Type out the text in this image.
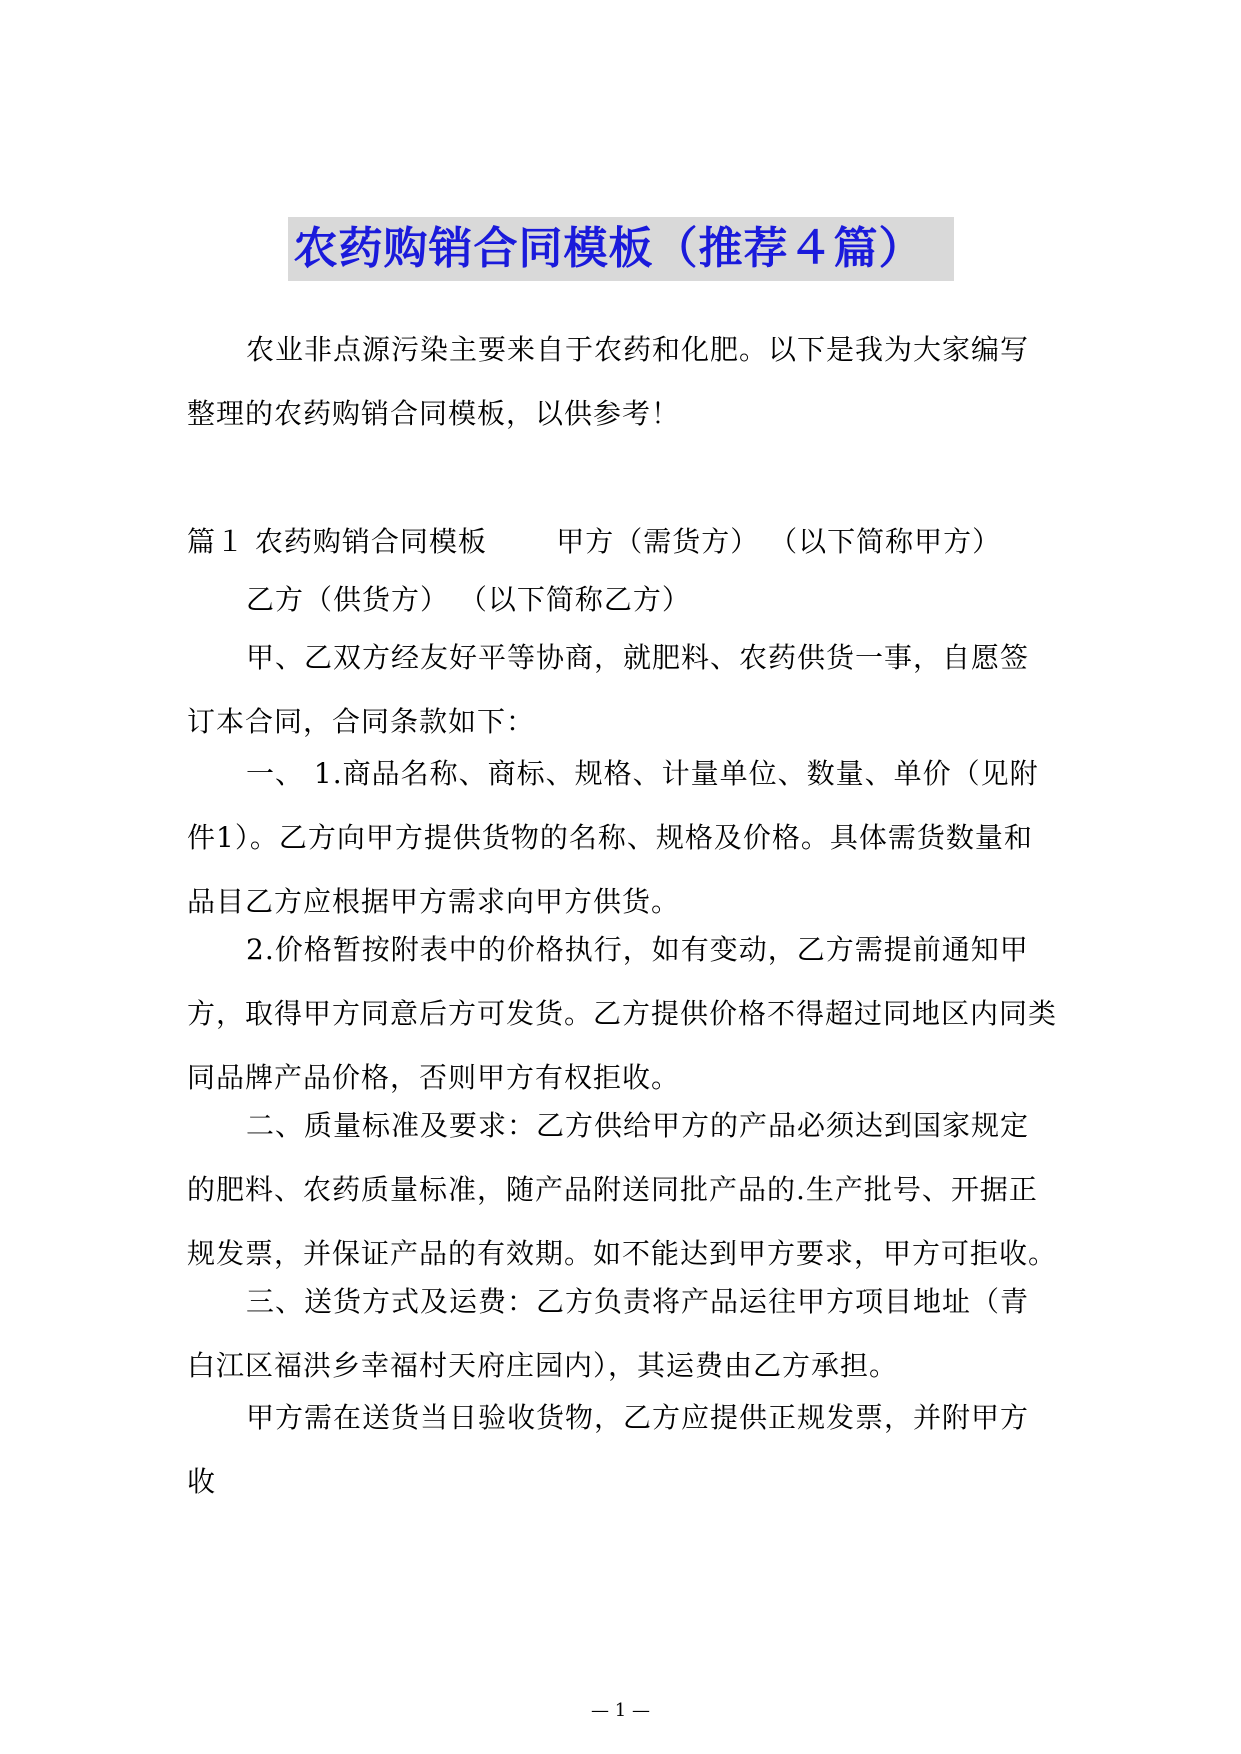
农药购销合同模板（推荐４篇）

农业非点源污染主要来自于农药和化肥。以下是我为大家编写整理的农药购销合同模板，以供参考！

篇１ 农药购销合同模板 甲方（需货方） （以下简称甲方）

乙方（供货方） （以下简称乙方）

甲、乙双方经友好平等协商，就肥料、农药供货一事，自愿签订本合同，合同条款如下：

一、 1.商品名称、商标、规格、计量单位、数量、单价（见附件1）。乙方向甲方提供货物的名称、规格及价格。具体需货数量和品目乙方应根据甲方需求向甲方供货。

2.价格暂按附表中的价格执行，如有变动，乙方需提前通知甲方，取得甲方同意后方可发货。乙方提供价格不得超过同地区内同类同品牌产品价格，否则甲方有权拒收。

二、质量标准及要求：乙方供给甲方的产品必须达到国家规定的肥料、农药质量标准，随产品附送同批产品的.生产批号、开据正规发票，并保证产品的有效期。如不能达到甲方要求，甲方可拒收。

三、送货方式及运费：乙方负责将产品运往甲方项目地址（青白江区福洪乡幸福村天府庄园内），其运费由乙方承担。

甲方需在送货当日验收货物，乙方应提供正规发票，并附甲方收

— 1 —
